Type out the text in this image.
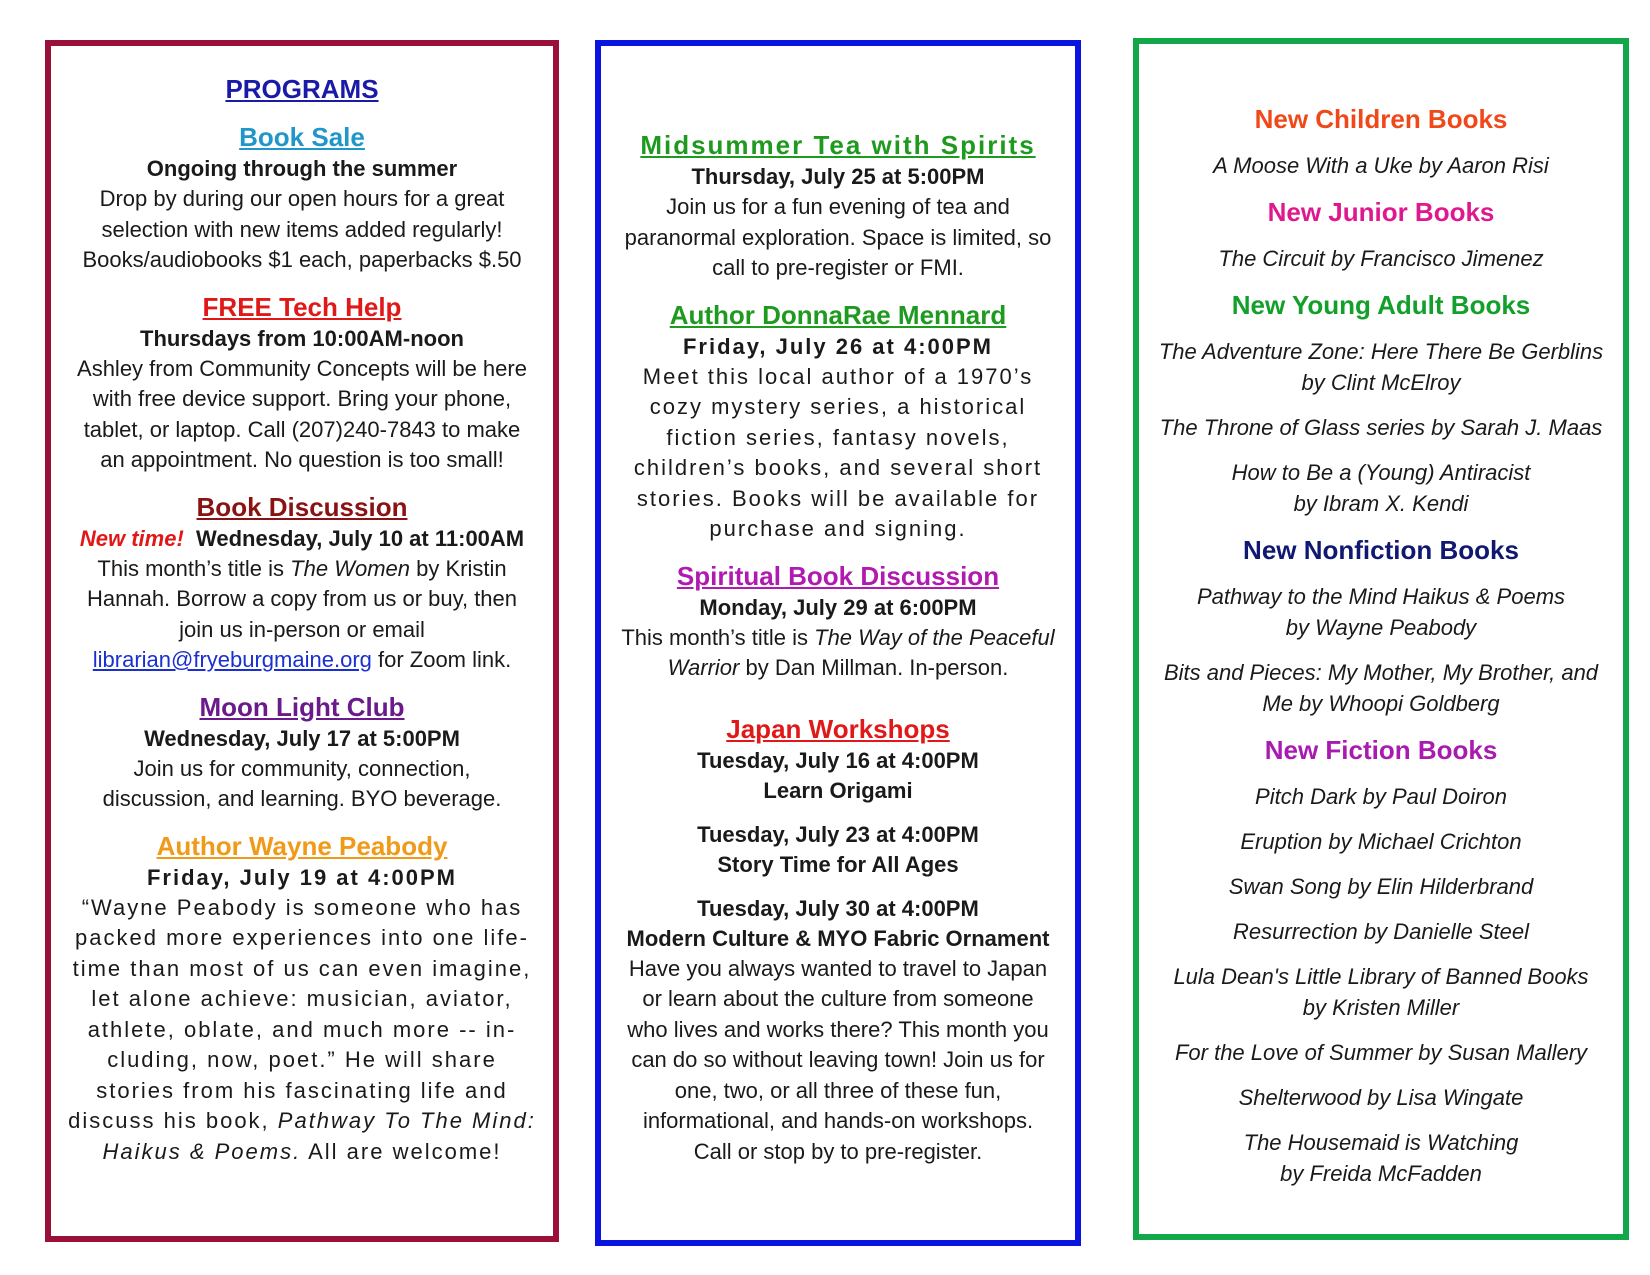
PROGRAMS

Book Sale

Ongoing through the summer

Drop by during our open hours for a great

selection with new items added regularly!

Books/audiobooks $1 each, paperbacks $.50

FREE Tech Help

Thursdays from 10:00AM-noon

Ashley from Community Concepts will be here

with free device support. Bring your phone,

tablet, or laptop. Call (207)240-7843 to make

an appointment. No question is too small!

Book Discussion

New time! Wednesday, July 10 at 11:00AM

This month’s title is The Women by Kristin

Hannah. Borrow a copy from us or buy, then

join us in-person or email

librarian@fryeburgmaine.org for Zoom link.

Moon Light Club

Wednesday, July 17 at 5:00PM

Join us for community, connection,

discussion, and learning. BYO beverage.

Author Wayne Peabody

Friday, July 19 at 4:00PM

“Wayne Peabody is someone who has

packed more experiences into one life-

time than most of us can even imagine,

let alone achieve: musician, aviator,

athlete, oblate, and much more -- in-

cluding, now, poet.” He will share

stories from his fascinating life and

discuss his book, Pathway To The Mind:

Haikus & Poems. All are welcome!

Midsummer Tea with Spirits

Thursday, July 25 at 5:00PM

Join us for a fun evening of tea and

paranormal exploration. Space is limited, so

call to pre-register or FMI.

Author DonnaRae Mennard

Friday, July 26 at 4:00PM

Meet this local author of a 1970’s

cozy mystery series, a historical

fiction series, fantasy novels,

children’s books, and several short

stories. Books will be available for

purchase and signing.

Spiritual Book Discussion

Monday, July 29 at 6:00PM

This month’s title is The Way of the Peaceful

Warrior by Dan Millman. In-person.

Japan Workshops

Tuesday, July 16 at 4:00PM

Learn Origami

Tuesday, July 23 at 4:00PM

Story Time for All Ages

Tuesday, July 30 at 4:00PM

Modern Culture & MYO Fabric Ornament

Have you always wanted to travel to Japan

or learn about the culture from someone

who lives and works there? This month you

can do so without leaving town! Join us for

one, two, or all three of these fun,

informational, and hands-on workshops.

Call or stop by to pre-register.

New Children Books

A Moose With a Uke by Aaron Risi

New Junior Books

The Circuit by Francisco Jimenez

New Young Adult Books

The Adventure Zone: Here There Be Gerblins

by Clint McElroy

The Throne of Glass series by Sarah J. Maas

How to Be a (Young) Antiracist

by Ibram X. Kendi

New Nonfiction Books

Pathway to the Mind Haikus & Poems

by Wayne Peabody

Bits and Pieces: My Mother, My Brother, and

Me by Whoopi Goldberg

New Fiction Books

Pitch Dark by Paul Doiron

Eruption by Michael Crichton

Swan Song by Elin Hilderbrand

Resurrection by Danielle Steel

Lula Dean's Little Library of Banned Books

by Kristen Miller

For the Love of Summer by Susan Mallery

Shelterwood by Lisa Wingate

The Housemaid is Watching

by Freida McFadden
